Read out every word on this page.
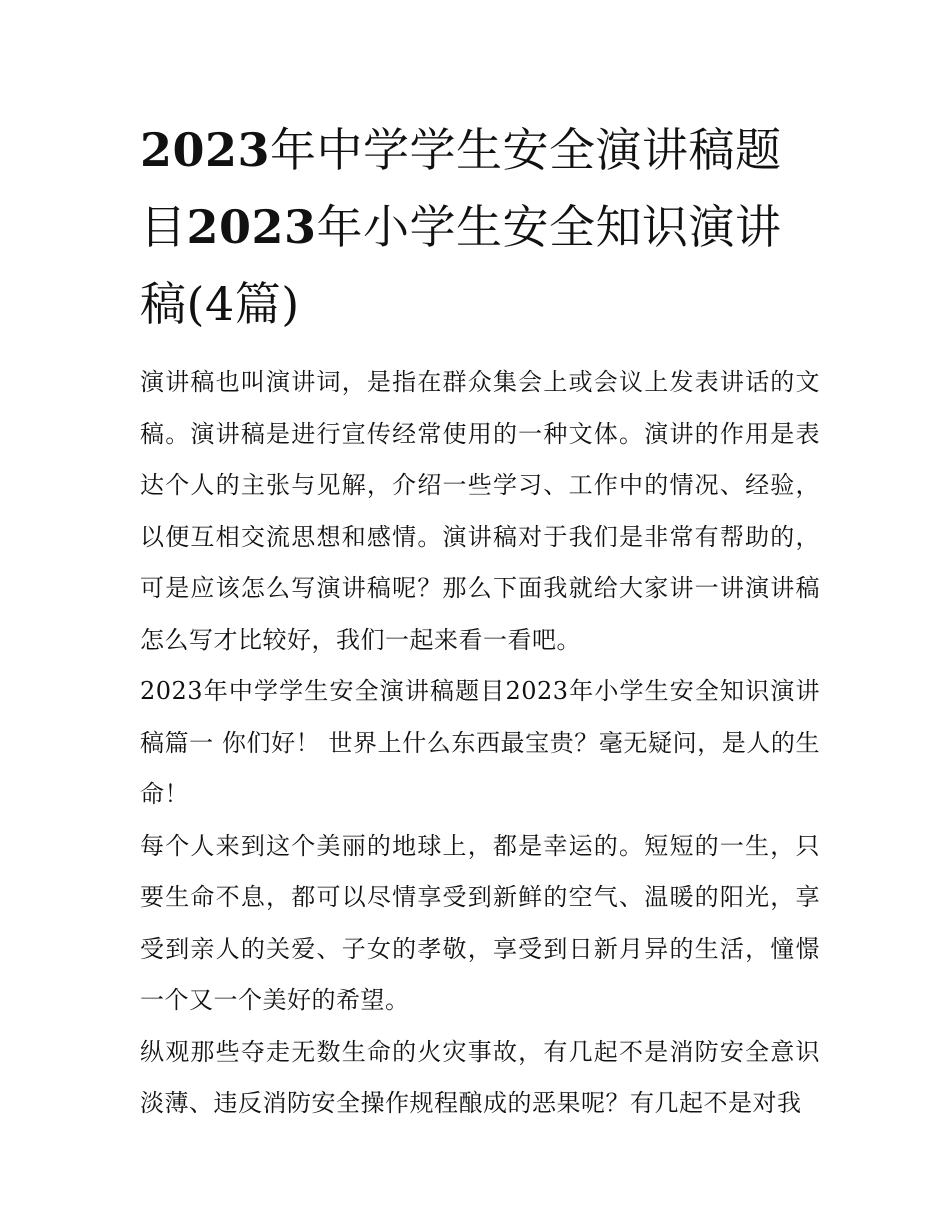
2023年中学学生安全演讲稿题目2023年小学生安全知识演讲稿(4篇)

演讲稿也叫演讲词，是指在群众集会上或会议上发表讲话的文稿。演讲稿是进行宣传经常使用的一种文体。演讲的作用是表达个人的主张与见解，介绍一些学习、工作中的情况、经验，以便互相交流思想和感情。演讲稿对于我们是非常有帮助的，可是应该怎么写演讲稿呢？那么下面我就给大家讲一讲演讲稿怎么写才比较好，我们一起来看一看吧。

2023年中学学生安全演讲稿题目2023年小学生安全知识演讲稿篇一 你们好！ 世界上什么东西最宝贵？毫无疑问，是人的生命！

每个人来到这个美丽的地球上，都是幸运的。短短的一生，只要生命不息，都可以尽情享受到新鲜的空气、温暖的阳光，享受到亲人的关爱、子女的孝敬，享受到日新月异的生活，憧憬一个又一个美好的希望。

纵观那些夺走无数生命的火灾事故，有几起不是消防安全意识淡薄、违反消防安全操作规程酿成的恶果呢？有几起不是对我
